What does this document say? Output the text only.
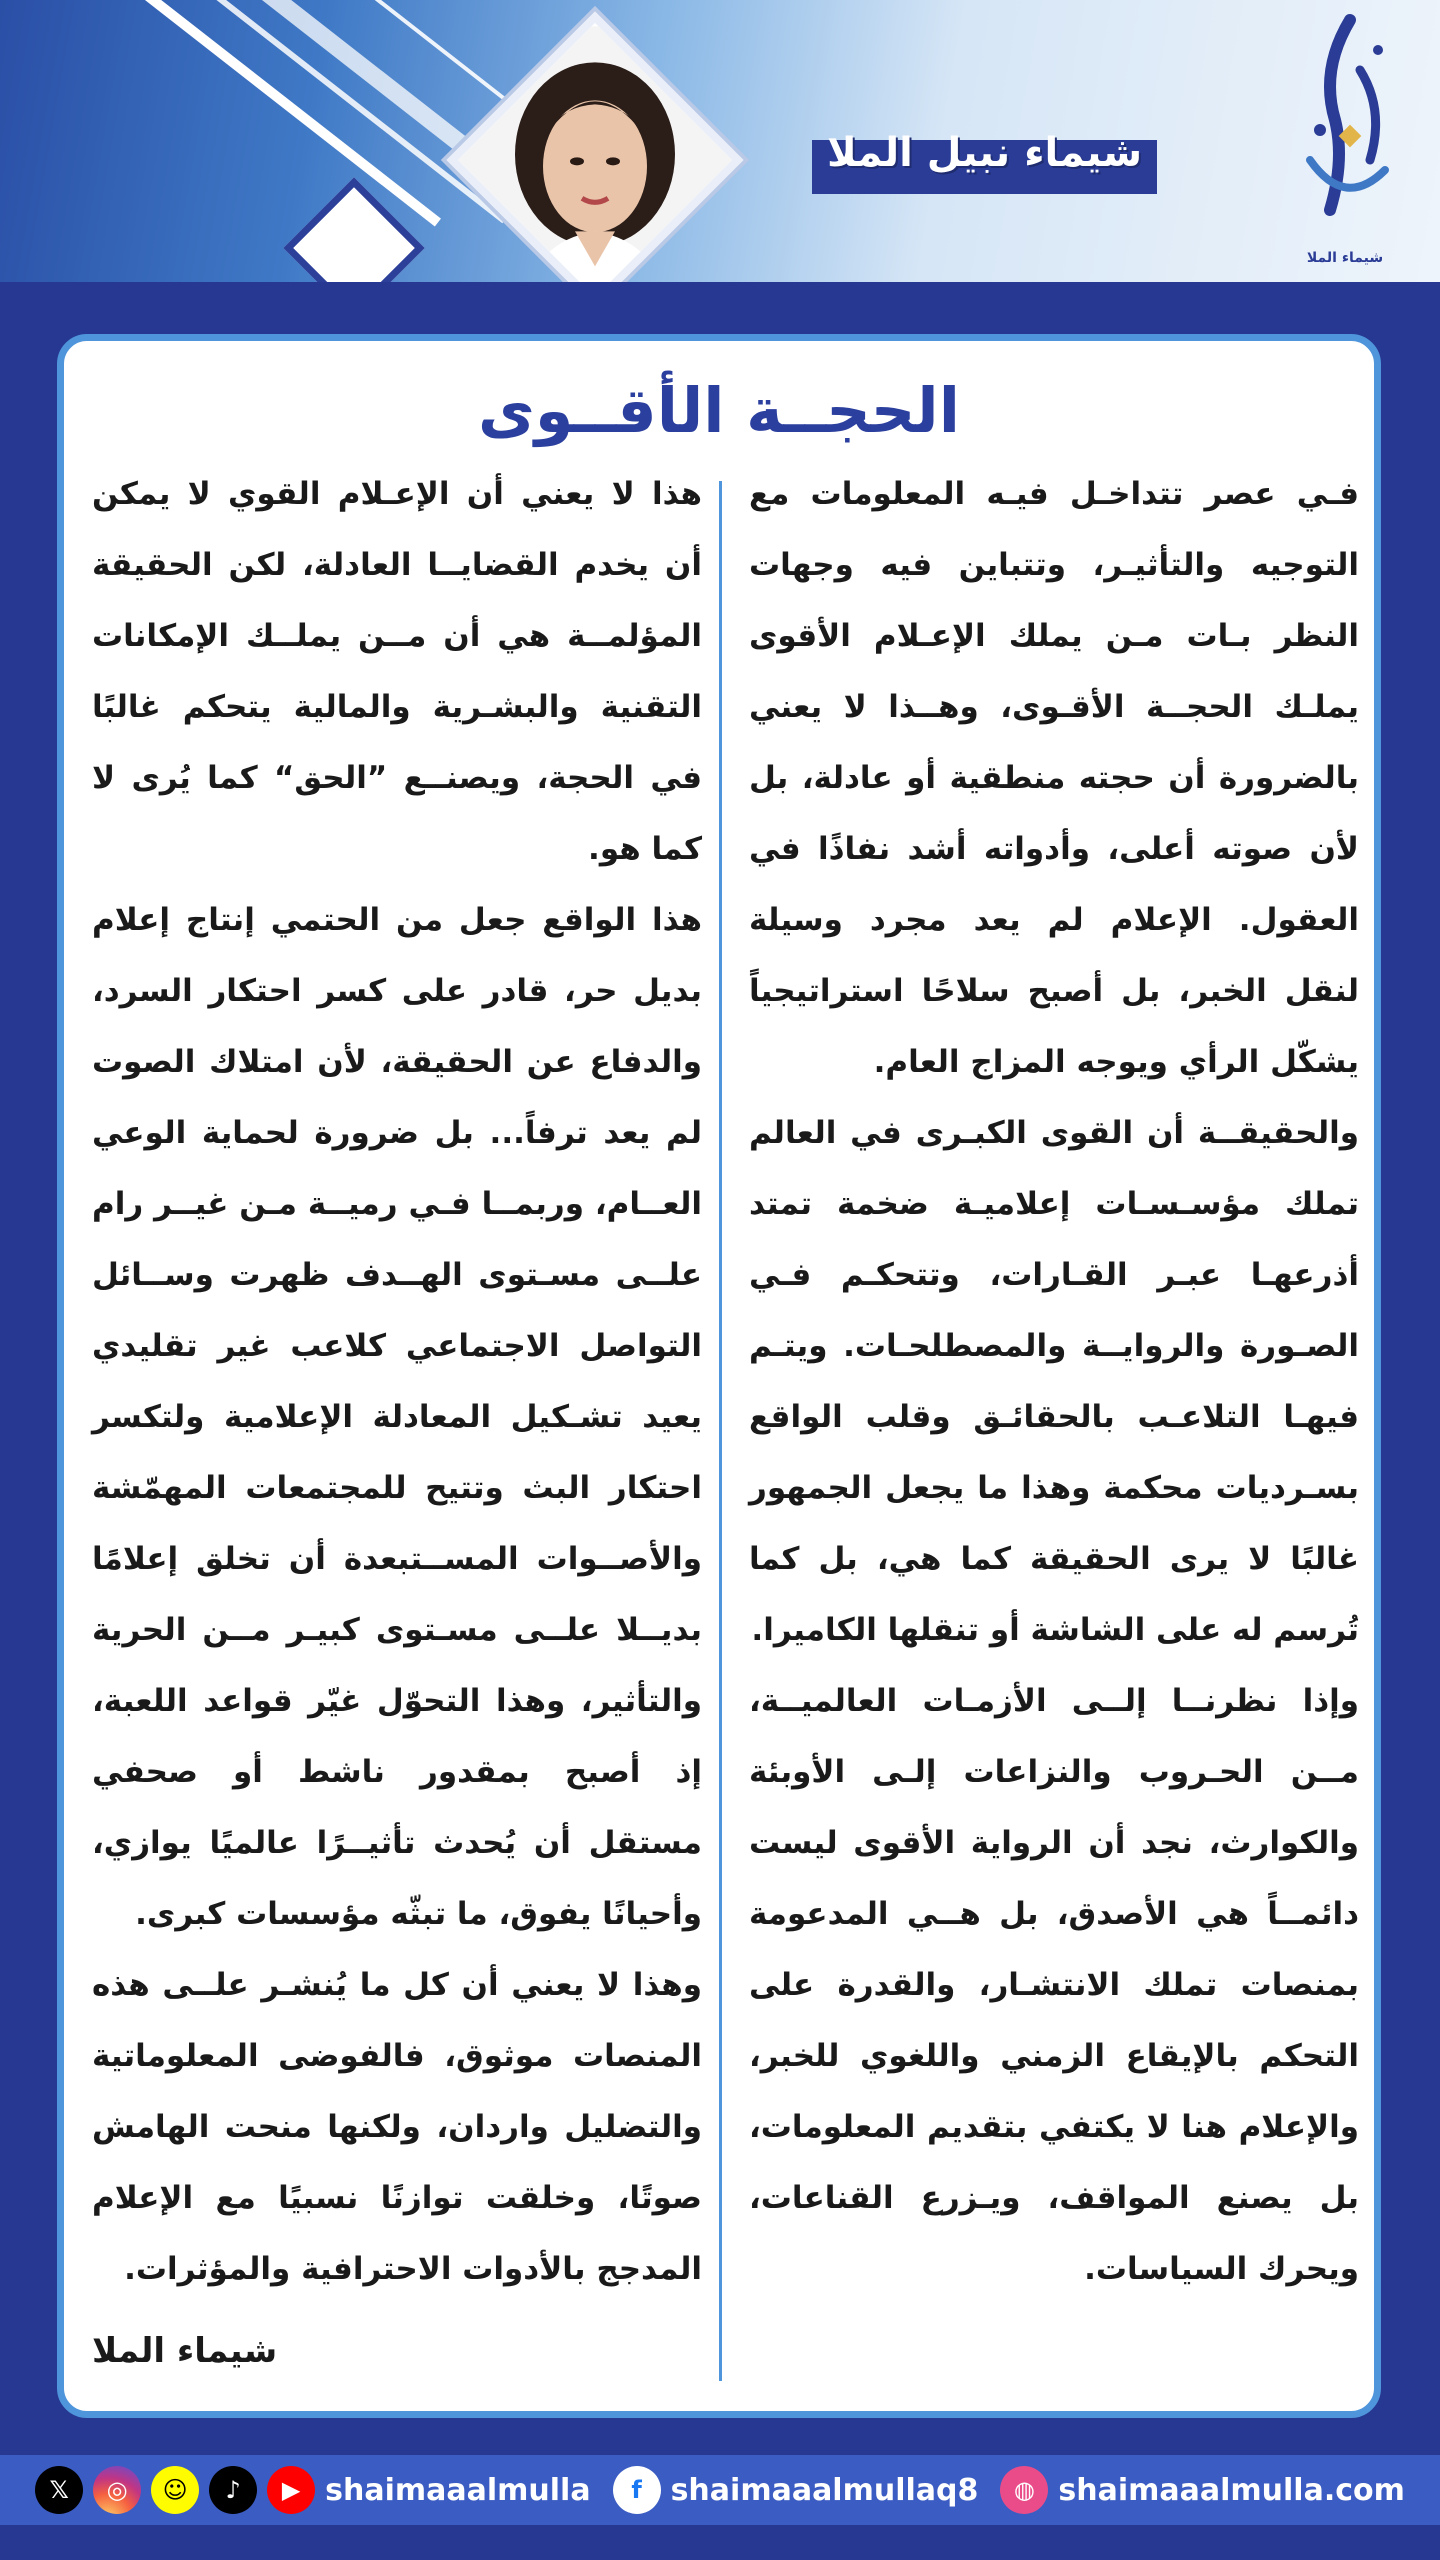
شيماء نبيل الملا
شيماء الملا
الحجــة الأقــوى

فـي عصر تتداخـل فيـه المعلومات مع التوجيه والتأثيـر، وتتباين فيه وجهات النظر بـات مـن يملك الإعـلام الأقوى يملـك الحجــة الأقـوى، وهــذا لا يعني بالضرورة أن حجته منطقية أو عادلة، بل لأن صوته أعلى، وأدواته أشد نفاذًا في العقول. الإعلام لم يعد مجرد وسيلة لنقل الخبر، بل أصبح سلاحًا استراتيجياً يشكّل الرأي ويوجه المزاج العام.

والحقيقــة أن القوى الكبـرى في العالم تملك مؤسـسـات إعلاميـة ضخمة تمتد أذرعهـا عبـر القـارات، وتتحكـم فـي الصـورة والروايــة والمصطلحـات. ويتـم فيهـا التلاعـب بالحقائـق وقلب الواقع بسـرديات محكمة وهذا ما يجعل الجمهور غالبًا لا يرى الحقيقة كما هي، بل كما تُرسم له على الشاشة أو تنقلها الكاميرا.

وإذا نظرنــا إلــى الأزمـات العالميــة، مــن الحـروب والنزاعات إلـى الأوبئة والكوارث، نجد أن الرواية الأقوى ليست دائمــاً هي الأصدق، بل هــي المدعومة بمنصات تملك الانتشـار، والقدرة على التحكم بالإيقاع الزمني واللغوي للخبر، والإعلام هنا لا يكتفي بتقديم المعلومات، بل يصنع المواقف، ويـزرع القناعات، ويحرك السياسات.

هذا لا يعني أن الإعـلام القوي لا يمكن أن يخدم القضايــا العادلة، لكن الحقيقة المؤلمــة هي أن مــن يملــك الإمكانات التقنية والبشـرية والمالية يتحكم غالبًا في الحجة، ويصنــع ”الحق“ كما يُرى لا كما هو.

هذا الواقع جعل من الحتمي إنتاج إعلام بديل حر، قادر على كسر احتكار السرد، والدفاع عن الحقيقة، لأن امتلاك الصوت لم يعد ترفاً... بل ضرورة لحماية الوعي العــام، وربمــا فـي رميــة مـن غيــر رام علــى مسـتوى الهــدف ظهرت وســائل التواصل الاجتماعي كلاعب غير تقليدي يعيد تشـكيل المعادلة الإعلامية ولتكسر احتكار البث وتتيح للمجتمعات المهمّشة والأصــوات المســتبعدة أن تخلق إعلامًا بديــلا علــى مسـتوى كبيـر مــن الحرية والتأثير، وهذا التحوّل غيّر قواعد اللعبة، إذ أصبح بمقدور ناشط أو صحفي مستقل أن يُحدث تأثيــرًا عالميًا يوازي، وأحيانًا يفوق، ما تبثّه مؤسسات كبرى.

وهذا لا يعني أن كل ما يُنشـر علــى هذه المنصات موثوق، فالفوضى المعلوماتية والتضليل واردان، ولكنها منحت الهامش صوتًا، وخلقت توازنًا نسبيًا مع الإعلام المدجج بالأدوات الاحترافية والمؤثرات.

شيماء الملا
𝕏	◎	☺	♪	▶ shaimaaalmulla	f shaimaaalmullaq8	◍ shaimaaalmulla.com
